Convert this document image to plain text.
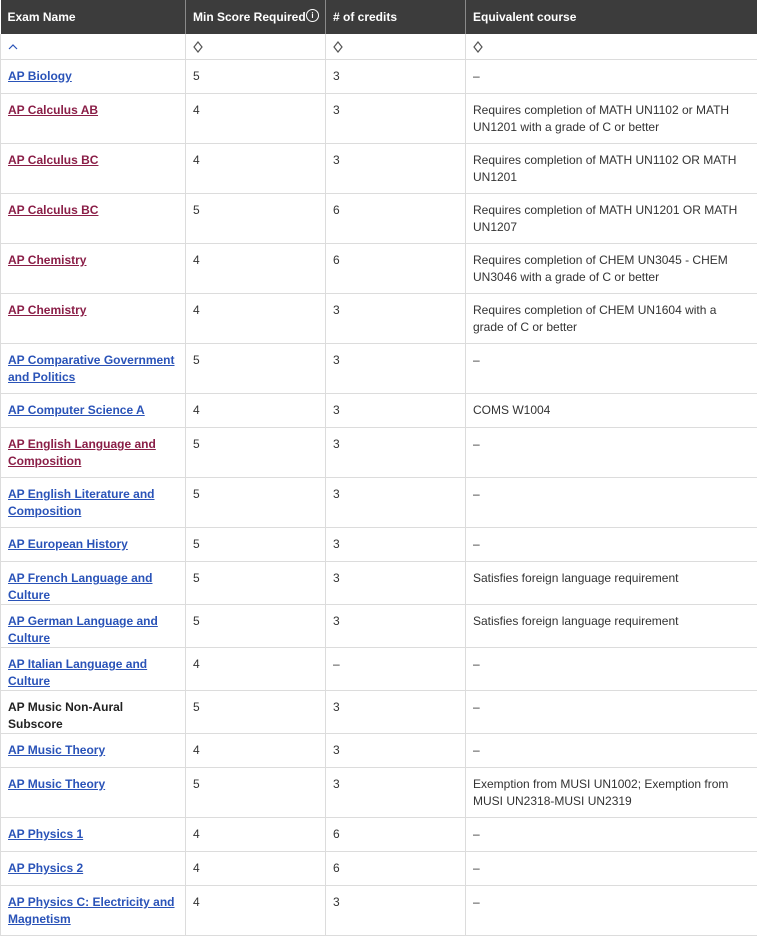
Exam Name	Min Score Required i	# of credits	Equivalent course

AP Biology	5	3	–
AP Calculus AB	4	3	Requires completion of MATH UN1102 or MATH UN1201 with a grade of C or better
AP Calculus BC	4	3	Requires completion of MATH UN1102 OR MATH UN1201
AP Calculus BC	5	6	Requires completion of MATH UN1201 OR MATH UN1207
AP Chemistry	4	6	Requires completion of CHEM UN3045 - CHEM UN3046 with a grade of C or better
AP Chemistry	4	3	Requires completion of CHEM UN1604 with a grade of C or better
AP Comparative Government and Politics	5	3	–
AP Computer Science A	4	3	COMS W1004
AP English Language and Composition	5	3	–
AP English Literature and Composition	5	3	–
AP European History	5	3	–
AP French Language and Culture	5	3	Satisfies foreign language requirement
AP German Language and Culture	5	3	Satisfies foreign language requirement
AP Italian Language and Culture	4	–	–
AP Music Non-Aural Subscore	5	3	–
AP Music Theory	4	3	–
AP Music Theory	5	3	Exemption from MUSI UN1002; Exemption from MUSI UN2318-MUSI UN2319
AP Physics 1	4	6	–
AP Physics 2	4	6	–
AP Physics C: Electricity and Magnetism	4	3	–
